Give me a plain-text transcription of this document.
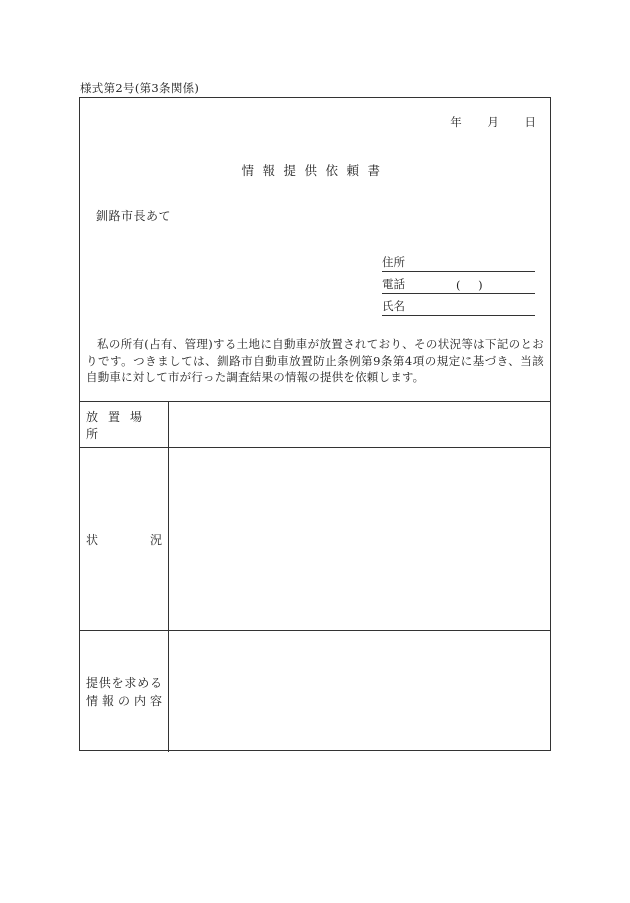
様式第2号(第3条関係)
年 月 日
情報提供依頼書
釧路市長あて
住所
電話	( )
氏名
私の所有(占有、管理)する土地に自動車が放置されており、その状況等は下記のとおりです。つきましては、釧路市自動車放置防止条例第9条第4項の規定に基づき、当該自動車に対して市が行った調査結果の情報の提供を依頼します。
放置場所
状	況
提供を求める
情報の内容
